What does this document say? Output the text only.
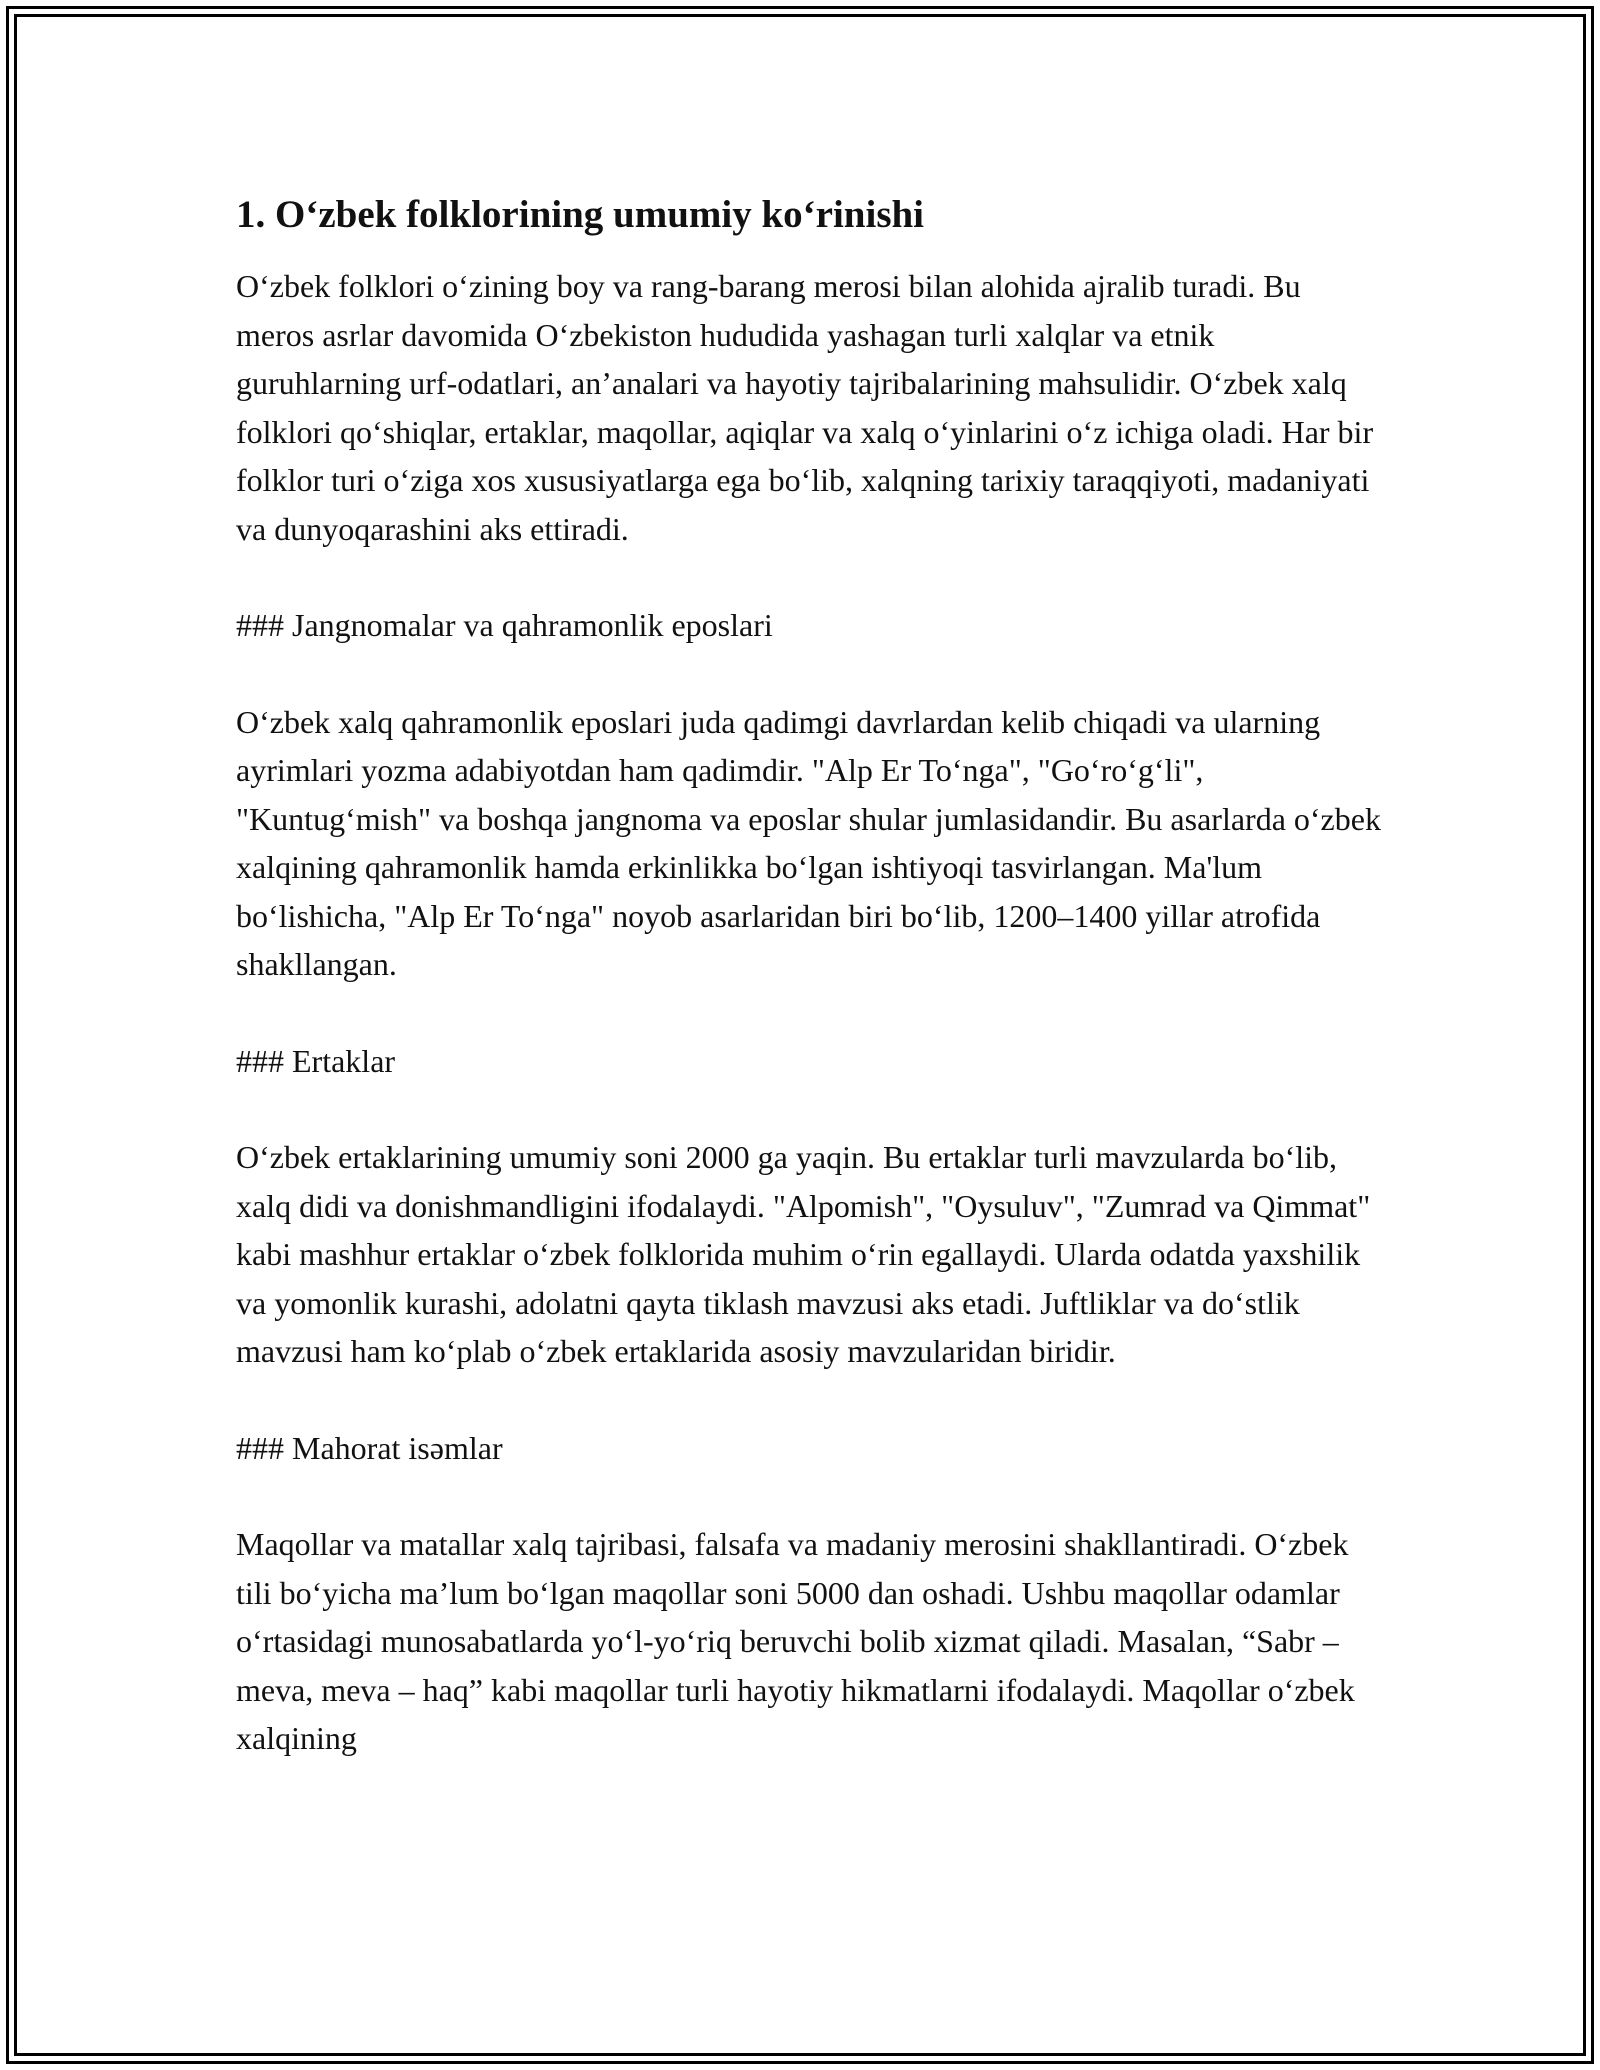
1. O‘zbek folklorining umumiy ko‘rinishi

O‘zbek folklori o‘zining boy va rang-barang merosi bilan alohida ajralib turadi. Bu meros asrlar davomida O‘zbekiston hududida yashagan turli xalqlar va etnik guruhlarning urf-odatlari, an’analari va hayotiy tajribalarining mahsulidir. O‘zbek xalq folklori qo‘shiqlar, ertaklar, maqollar, aqiqlar va xalq o‘yinlarini o‘z ichiga oladi. Har bir folklor turi o‘ziga xos xususiyatlarga ega bo‘lib, xalqning tarixiy taraqqiyoti, madaniyati va dunyoqarashini aks ettiradi.

### Jangnomalar va qahramonlik eposlari

O‘zbek xalq qahramonlik eposlari juda qadimgi davrlardan kelib chiqadi va ularning ayrimlari yozma adabiyotdan ham qadimdir. "Alp Er To‘nga", "Go‘ro‘g‘li", "Kuntug‘mish" va boshqa jangnoma va eposlar shular jumlasidandir. Bu asarlarda o‘zbek xalqining qahramonlik hamda erkinlikka bo‘lgan ishtiyoqi tasvirlangan. Ma'lum bo‘lishicha, "Alp Er To‘nga" noyob asarlaridan biri bo‘lib, 1200–1400 yillar atrofida shakllangan.

### Ertaklar

O‘zbek ertaklarining umumiy soni 2000 ga yaqin. Bu ertaklar turli mavzularda bo‘lib, xalq didi va donishmandligini ifodalaydi. "Alpomish", "Oysuluv", "Zumrad va Qimmat" kabi mashhur ertaklar o‘zbek folklorida muhim o‘rin egallaydi. Ularda odatda yaxshilik va yomonlik kurashi, adolatni qayta tiklash mavzusi aks etadi. Juftliklar va do‘stlik mavzusi ham ko‘plab o‘zbek ertaklarida asosiy mavzularidan biridir.

### Mahorat isəmlar

Maqollar va matallar xalq tajribasi, falsafa va madaniy merosini shakllantiradi. O‘zbek tili bo‘yicha ma’lum bo‘lgan maqollar soni 5000 dan oshadi. Ushbu maqollar odamlar o‘rtasidagi munosabatlarda yo‘l-yo‘riq beruvchi bolib xizmat qiladi. Masalan, “Sabr – meva, meva – haq” kabi maqollar turli hayotiy hikmatlarni ifodalaydi. Maqollar o‘zbek xalqining
